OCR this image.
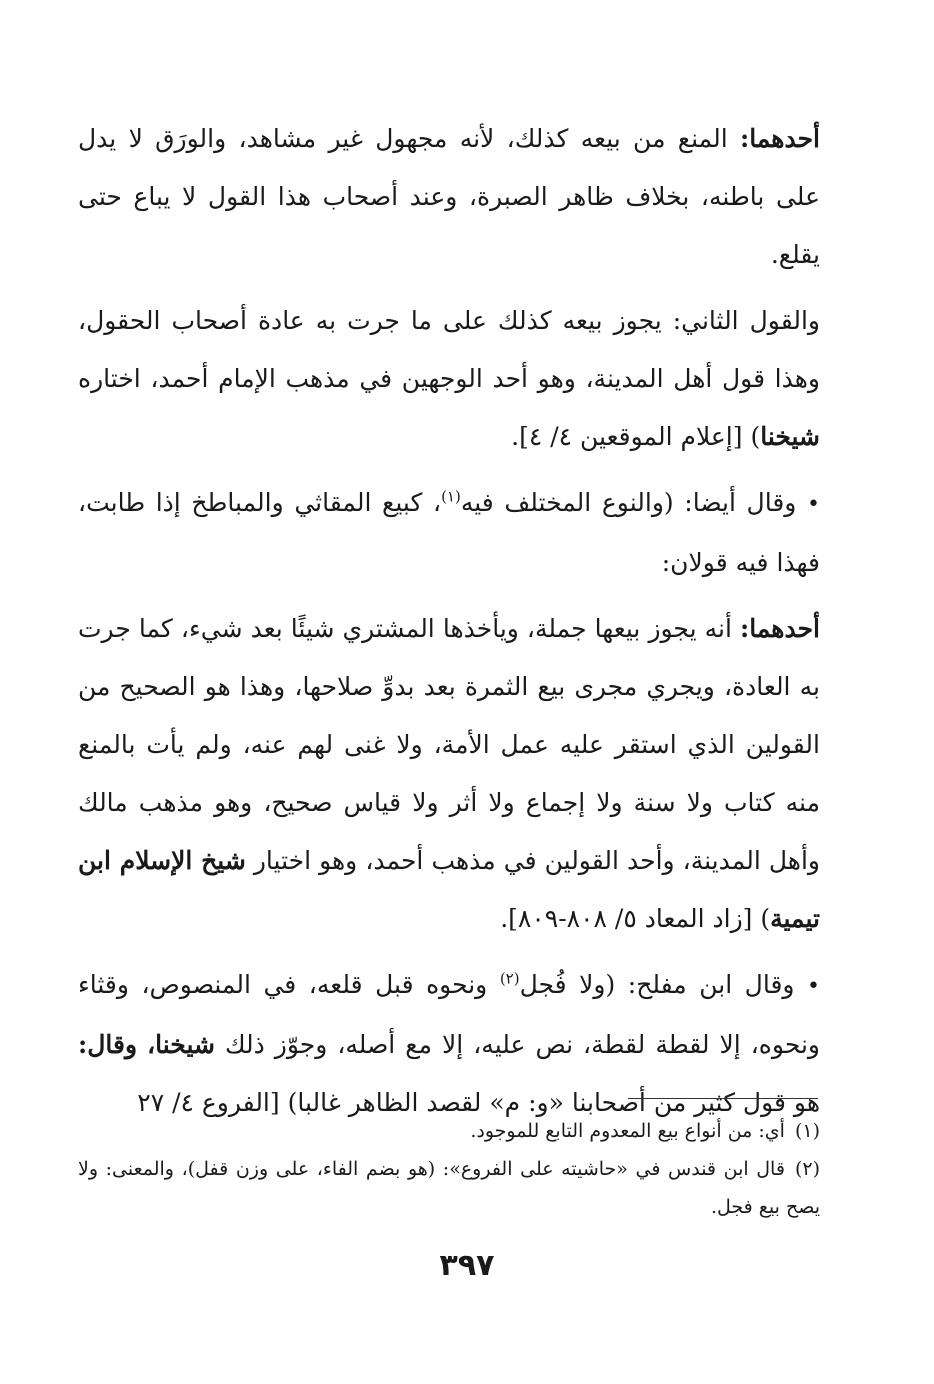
أحدهما: المنع من بيعه كذلك، لأنه مجهول غير مشاهد، والورَق لا يدل على باطنه، بخلاف ظاهر الصبرة، وعند أصحاب هذا القول لا يباع حتى يقلع.

والقول الثاني: يجوز بيعه كذلك على ما جرت به عادة أصحاب الحقول، وهذا قول أهل المدينة، وهو أحد الوجهين في مذهب الإمام أحمد، اختاره شيخنا) [إعلام الموقعين ٤/ ٤].

• وقال أيضا: (والنوع المختلف فيه$^{(١)}$، كبيع المقاثي والمباطخ إذا طابت، فهذا فيه قولان:

أحدهما: أنه يجوز بيعها جملة، ويأخذها المشتري شيئًا بعد شيء، كما جرت به العادة، ويجري مجرى بيع الثمرة بعد بدوِّ صلاحها، وهذا هو الصحيح من القولين الذي استقر عليه عمل الأمة، ولا غنى لهم عنه، ولم يأت بالمنع منه كتاب ولا سنة ولا إجماع ولا أثر ولا قياس صحيح، وهو مذهب مالك وأهل المدينة، وأحد القولين في مذهب أحمد، وهو اختيار شيخ الإسلام ابن تيمية) [زاد المعاد ٥/ ٨٠٨-٨٠٩].

• وقال ابن مفلح: (ولا فُجل$^{(٢)}$ ونحوه قبل قلعه، في المنصوص، وقثاء ونحوه، إلا لقطة لقطة، نص عليه، إلا مع أصله، وجوّز ذلك شيخنا، وقال: هو قول كثير من أصحابنا «و: م» لقصد الظاهر غالبا) [الفروع ٤/ ٢٧

(١)أي: من أنواع بيع المعدوم التابع للموجود.

(٢)قال ابن قندس في «حاشيته على الفروع»: (هو بضم الفاء، على وزن قفل)، والمعنى: ولا يصح بيع فجل.

٣٩٧
